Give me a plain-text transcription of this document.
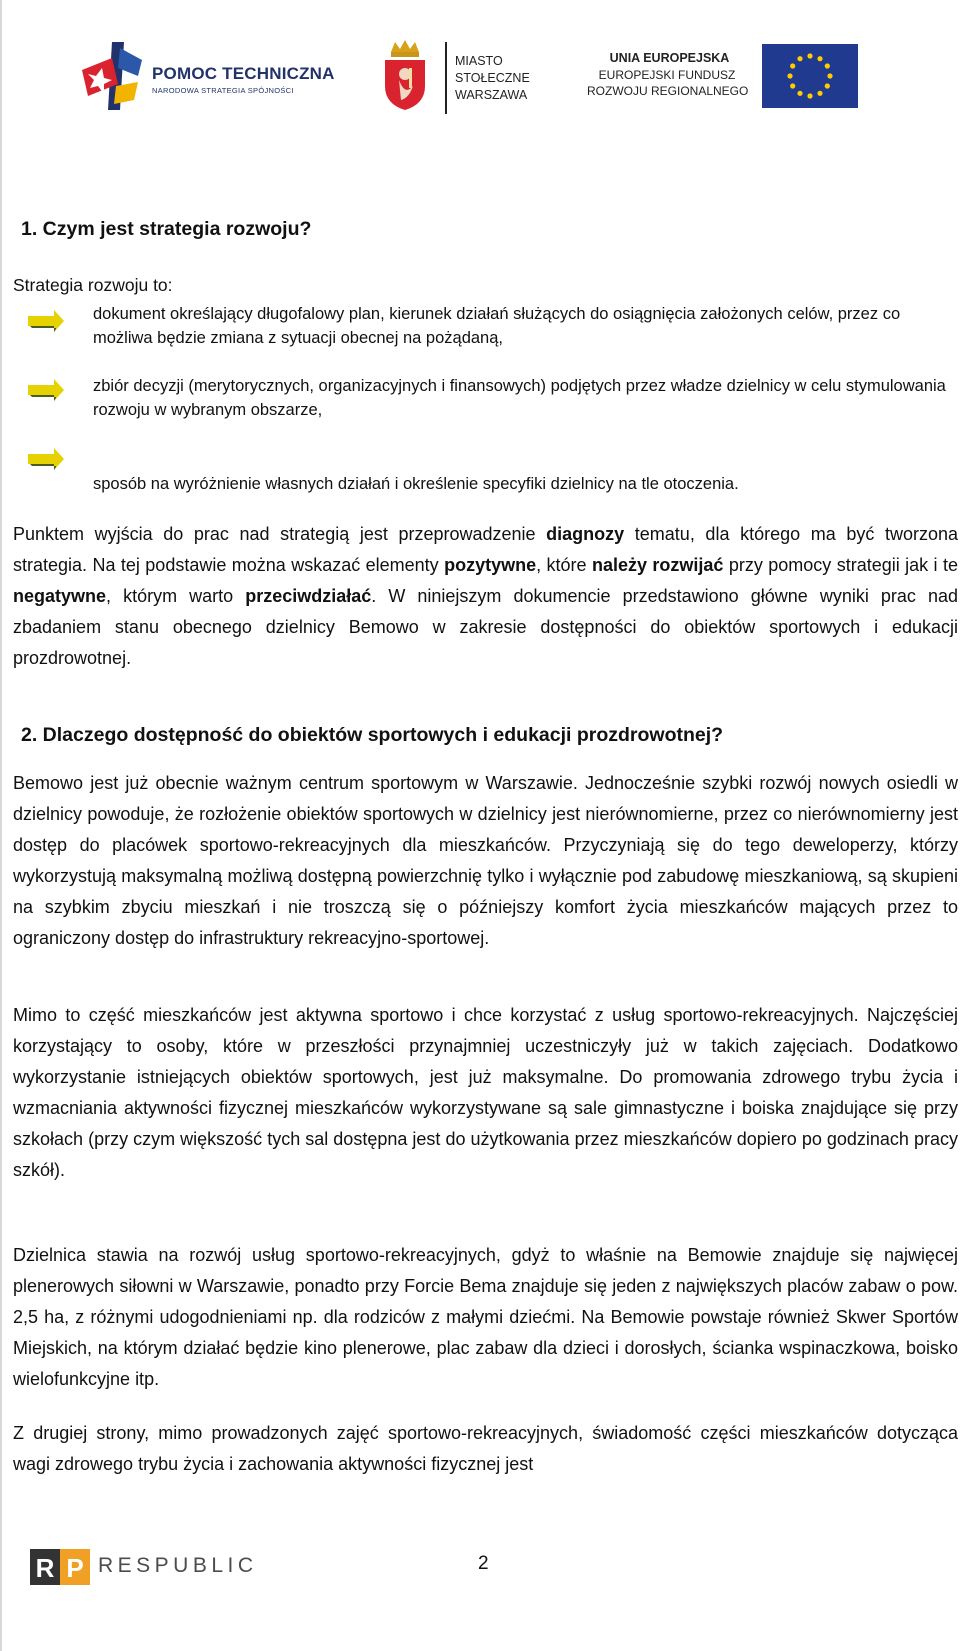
POMOC TECHNICZNA
NARODOWA STRATEGIA SPÓJNOŚCI
MIASTO
STOŁECZNE
WARSZAWA
UNIA EUROPEJSKA
EUROPEJSKI FUNDUSZ
ROZWOJU REGIONALNEGO
1. Czym jest strategia rozwoju?
Strategia rozwoju to:
dokument określający długofalowy plan, kierunek działań służących do osiągnięcia założonych celów, przez co możliwa będzie zmiana z sytuacji obecnej na pożądaną,
zbiór decyzji (merytorycznych, organizacyjnych i finansowych) podjętych przez władze dzielnicy w celu stymulowania rozwoju w wybranym obszarze,
sposób na wyróżnienie własnych działań i określenie specyfiki dzielnicy na tle otoczenia.
Punktem wyjścia do prac nad strategią jest przeprowadzenie diagnozy tematu, dla którego ma być tworzona strategia. Na tej podstawie można wskazać elementy pozytywne, które należy rozwijać przy pomocy strategii jak i te negatywne, którym warto przeciwdziałać. W niniejszym dokumencie przedstawiono główne wyniki prac nad zbadaniem stanu obecnego dzielnicy Bemowo w zakresie dostępności do obiektów sportowych i edukacji prozdrowotnej.
2. Dlaczego dostępność do obiektów sportowych i edukacji prozdrowotnej?
Bemowo jest już obecnie ważnym centrum sportowym w Warszawie. Jednocześnie szybki rozwój nowych osiedli w dzielnicy powoduje, że rozłożenie obiektów sportowych w dzielnicy jest nierównomierne, przez co nierównomierny jest dostęp do placówek sportowo-rekreacyjnych dla mieszkańców. Przyczyniają się do tego deweloperzy, którzy wykorzystują maksymalną możliwą dostępną powierzchnię tylko i wyłącznie pod zabudowę mieszkaniową, są skupieni na szybkim zbyciu mieszkań i nie troszczą się o późniejszy komfort życia mieszkańców mających przez to ograniczony dostęp do infrastruktury rekreacyjno-sportowej.
Mimo to część mieszkańców jest aktywna sportowo i chce korzystać z usług sportowo-rekreacyjnych. Najczęściej korzystający to osoby, które w przeszłości przynajmniej uczestniczyły już w takich zajęciach. Dodatkowo wykorzystanie istniejących obiektów sportowych, jest już maksymalne. Do promowania zdrowego trybu życia i wzmacniania aktywności fizycznej mieszkańców wykorzystywane są sale gimnastyczne i boiska znajdujące się przy szkołach (przy czym większość tych sal dostępna jest do użytkowania przez mieszkańców dopiero po godzinach pracy szkół).
Dzielnica stawia na rozwój usług sportowo-rekreacyjnych, gdyż to właśnie na Bemowie znajduje się najwięcej plenerowych siłowni w Warszawie, ponadto przy Forcie Bema znajduje się jeden z największych placów zabaw o pow. 2,5 ha, z różnymi udogodnieniami np. dla rodziców z małymi dziećmi. Na Bemowie powstaje również Skwer Sportów Miejskich, na którym działać będzie kino plenerowe, plac zabaw dla dzieci i dorosłych, ścianka wspinaczkowa, boisko wielofunkcyjne itp.
Z drugiej strony, mimo prowadzonych zajęć sportowo-rekreacyjnych, świadomość części mieszkańców dotycząca wagi zdrowego trybu życia i zachowania aktywności fizycznej jest
R P RESPUBLIC	2
